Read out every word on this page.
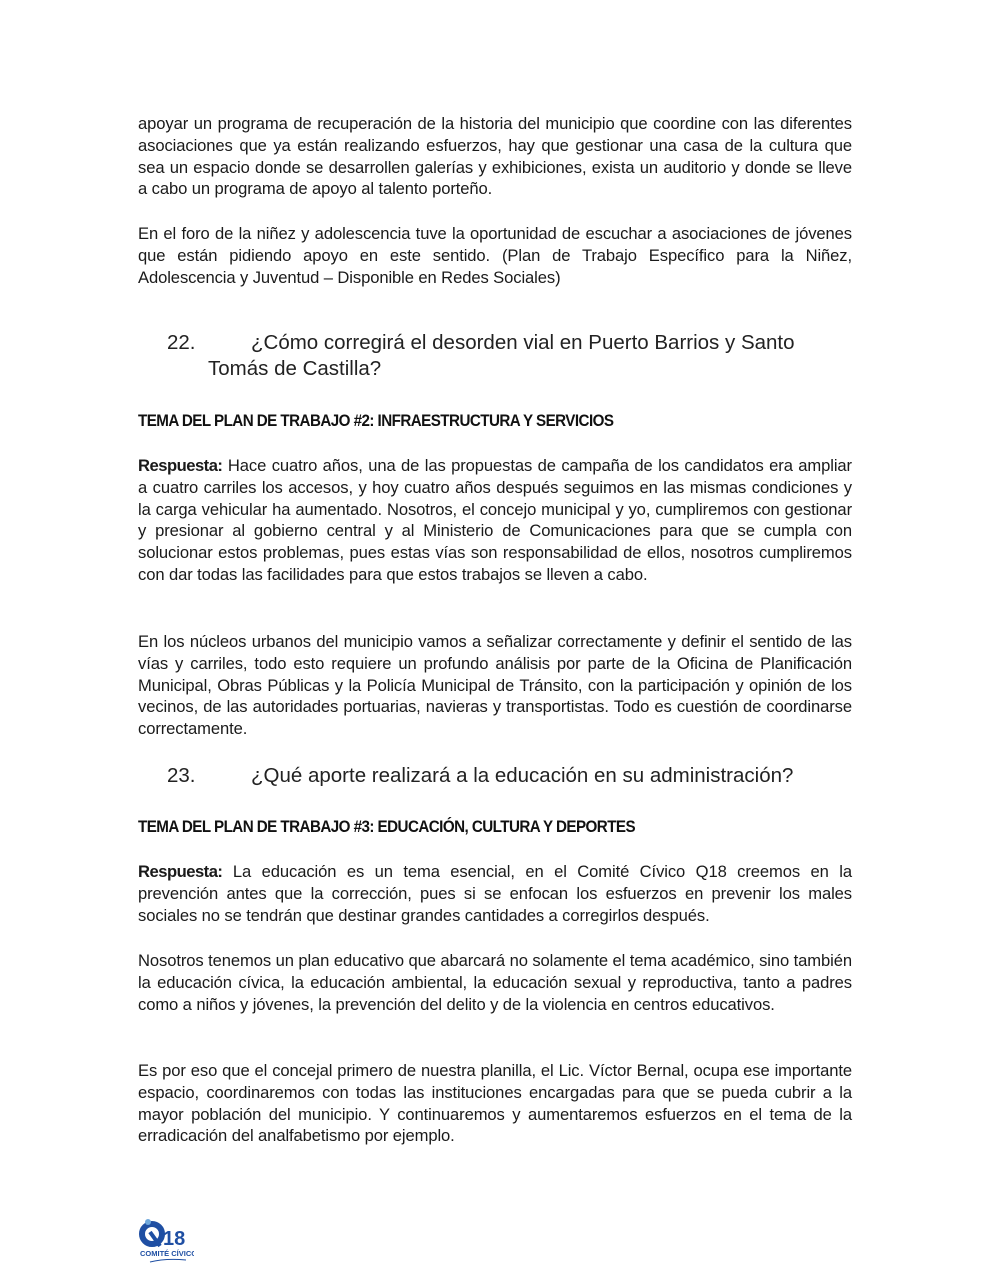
apoyar un programa de recuperación de la historia del municipio que coordine con las diferentes asociaciones que ya están realizando esfuerzos, hay que gestionar una casa de la cultura que sea un espacio donde se desarrollen galerías y exhibiciones, exista un auditorio y donde se lleve a cabo un programa de apoyo al talento porteño.
En el foro de la niñez y adolescencia tuve la oportunidad de escuchar a asociaciones de jóvenes que están pidiendo apoyo en este sentido. (Plan de Trabajo Específico para la Niñez, Adolescencia y Juventud – Disponible en Redes Sociales)
22.	¿Cómo corregirá el desorden vial en Puerto Barrios y Santo
Tomás de Castilla?
TEMA DEL PLAN DE TRABAJO #2: INFRAESTRUCTURA Y SERVICIOS
Respuesta: Hace cuatro años, una de las propuestas de campaña de los candidatos era ampliar a cuatro carriles los accesos, y hoy cuatro años después seguimos en las mismas condiciones y la carga vehicular ha aumentado. Nosotros, el concejo municipal y yo, cumpliremos con gestionar y presionar al gobierno central y al Ministerio de Comunicaciones para que se cumpla con solucionar estos problemas, pues estas vías son responsabilidad de ellos, nosotros cumpliremos con dar todas las facilidades para que estos trabajos se lleven a cabo.
En los núcleos urbanos del municipio vamos a señalizar correctamente y definir el sentido de las vías y carriles, todo esto requiere un profundo análisis por parte de la Oficina de Planificación Municipal, Obras Públicas y la Policía Municipal de Tránsito, con la participación y opinión de los vecinos, de las autoridades portuarias, navieras y transportistas. Todo es cuestión de coordinarse correctamente.
23.	¿Qué aporte realizará a la educación en su administración?
TEMA DEL PLAN DE TRABAJO #3: EDUCACIÓN, CULTURA Y DEPORTES
Respuesta: La educación es un tema esencial, en el Comité Cívico Q18 creemos en la prevención antes que la corrección, pues si se enfocan los esfuerzos en prevenir los males sociales no se tendrán que destinar grandes cantidades a corregirlos después.
Nosotros tenemos un plan educativo que abarcará no solamente el tema académico, sino también la educación cívica, la educación ambiental, la educación sexual y reproductiva, tanto a padres como a niños y jóvenes, la prevención del delito y de la violencia en centros educativos.
Es por eso que el concejal primero de nuestra planilla, el Lic. Víctor Bernal, ocupa ese importante espacio, coordinaremos con todas las instituciones encargadas para que se pueda cubrir a la mayor población del municipio. Y continuaremos y aumentaremos esfuerzos en el tema de la erradicación del analfabetismo por ejemplo.
18
COMITÉ CÍVICO
